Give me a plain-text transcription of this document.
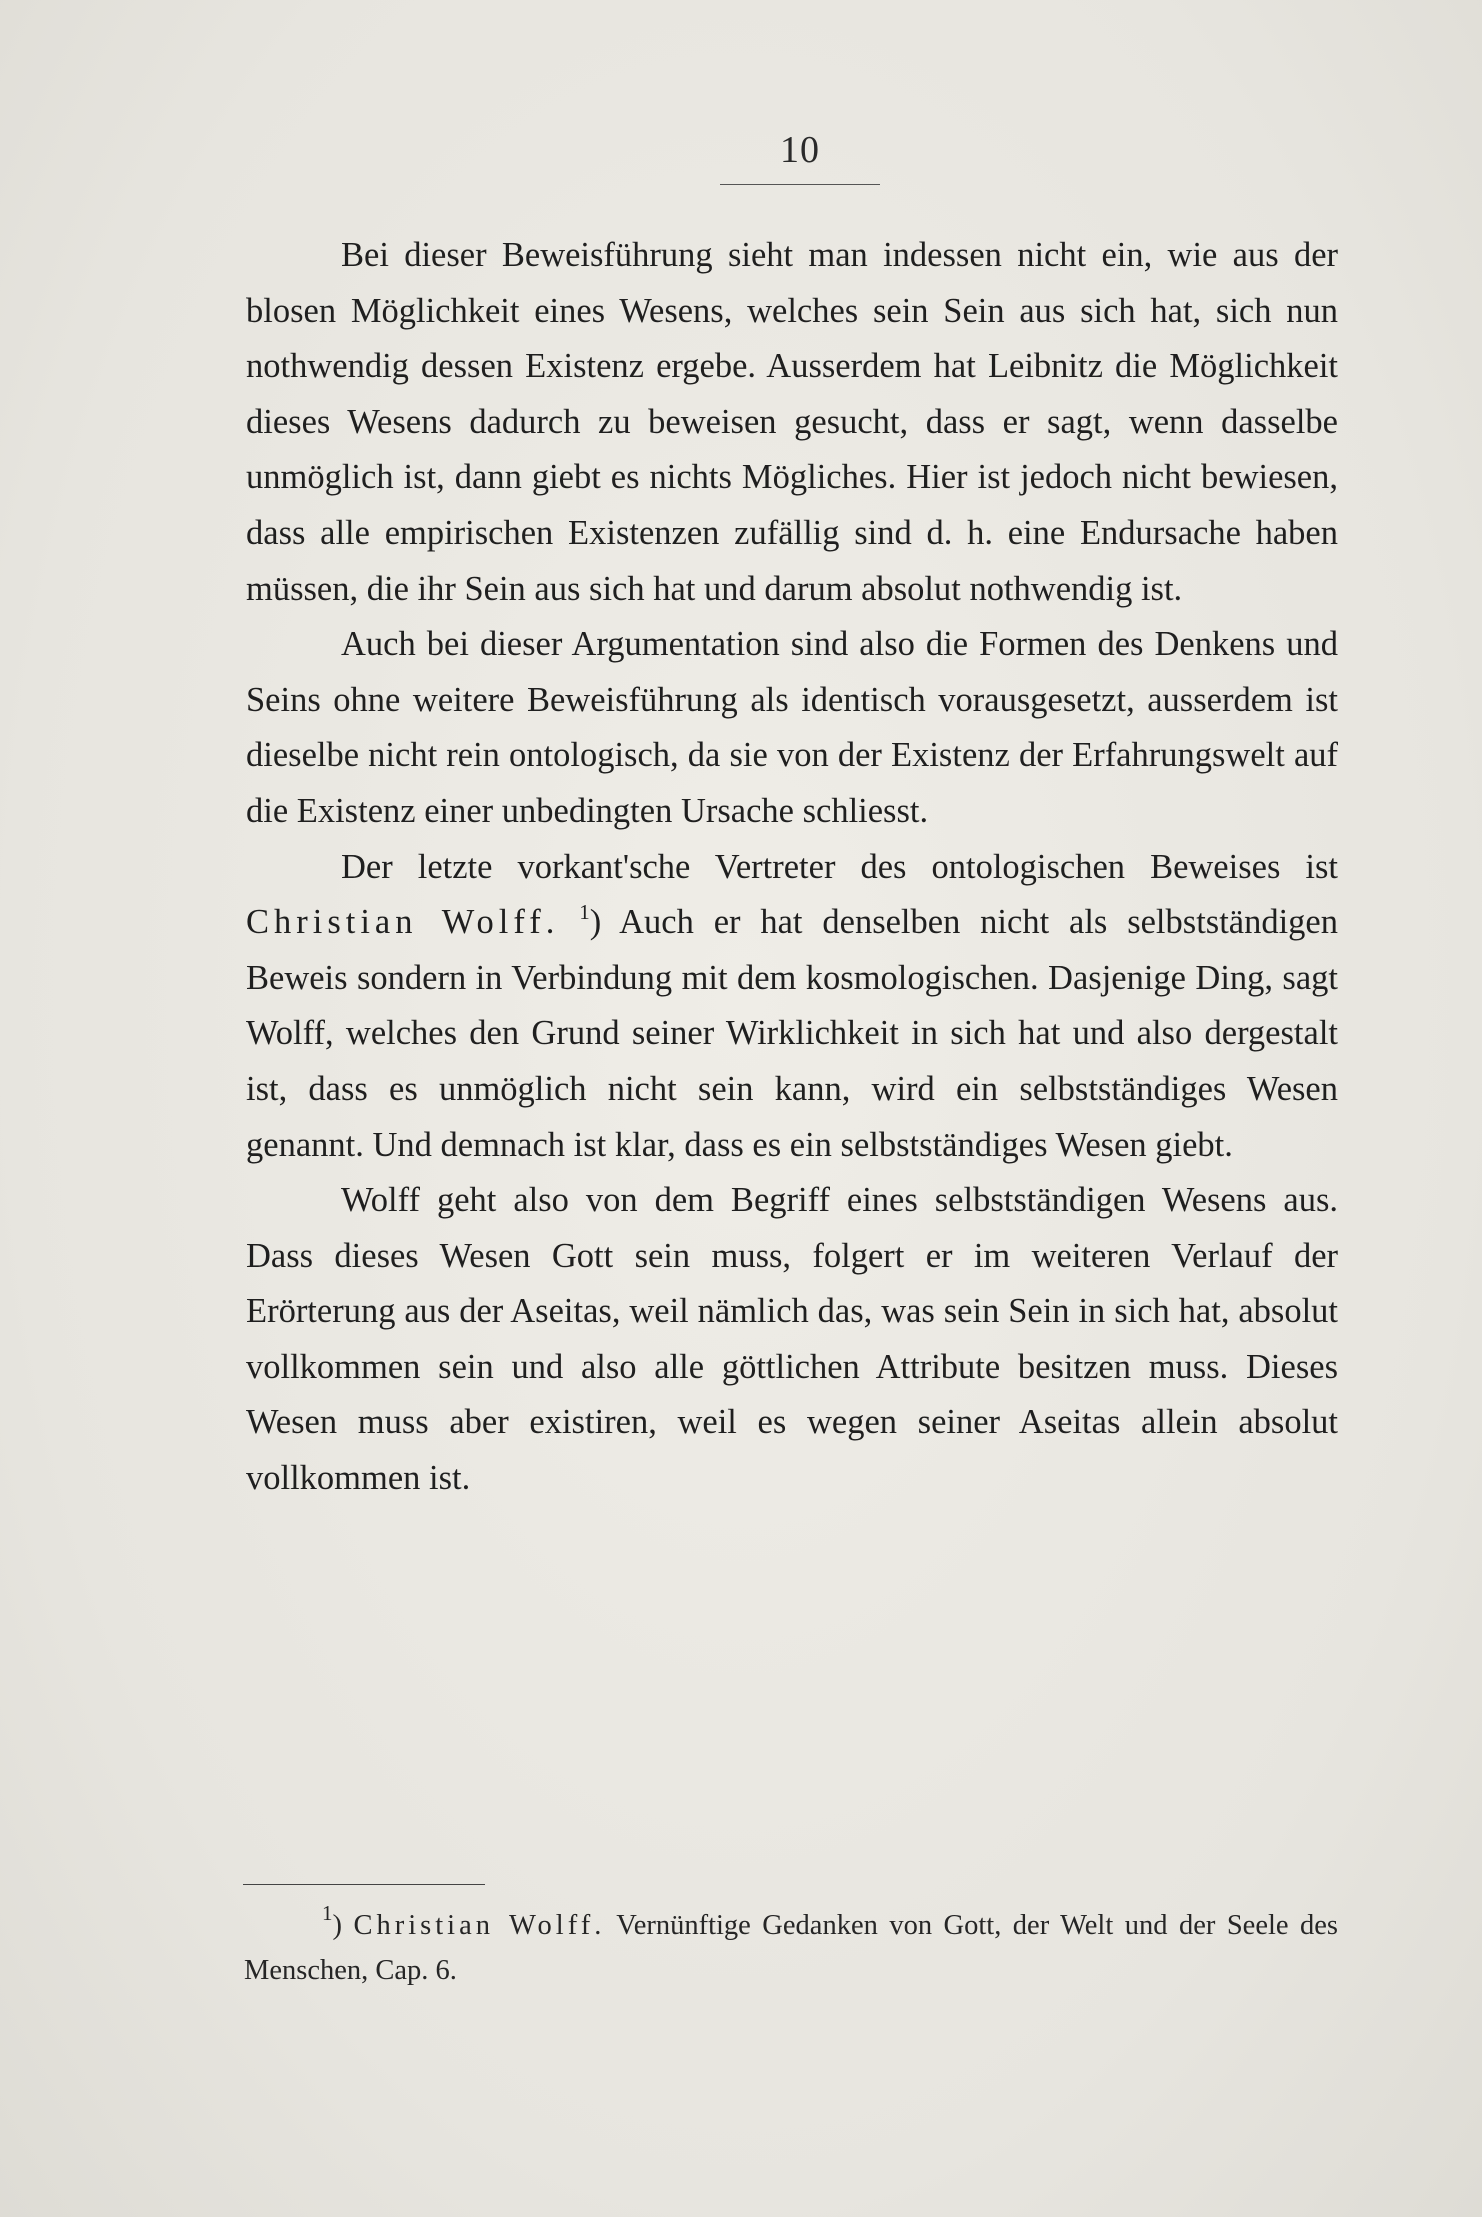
10

Bei dieser Beweisführung sieht man indessen nicht ein, wie aus der blosen Möglichkeit eines Wesens, welches sein Sein aus sich hat, sich nun nothwendig dessen Existenz ergebe. Ausserdem hat Leibnitz die Möglichkeit dieses Wesens dadurch zu beweisen gesucht, dass er sagt, wenn dasselbe unmöglich ist, dann giebt es nichts Mögliches. Hier ist jedoch nicht bewiesen, dass alle empirischen Existenzen zufällig sind d. h. eine Endursache haben müssen, die ihr Sein aus sich hat und darum absolut nothwendig ist.

Auch bei dieser Argumentation sind also die Formen des Denkens und Seins ohne weitere Beweisführung als identisch vorausgesetzt, ausserdem ist dieselbe nicht rein ontologisch, da sie von der Existenz der Erfahrungswelt auf die Existenz einer unbedingten Ursache schliesst.

Der letzte vorkant'sche Vertreter des ontologischen Beweises ist Christian Wolff. $^1$) Auch er hat denselben nicht als selbstständigen Beweis sondern in Verbindung mit dem kosmologischen. Dasjenige Ding, sagt Wolff, welches den Grund seiner Wirklichkeit in sich hat und also dergestalt ist, dass es unmöglich nicht sein kann, wird ein selbstständiges Wesen genannt. Und demnach ist klar, dass es ein selbstständiges Wesen giebt.

Wolff geht also von dem Begriff eines selbstständigen Wesens aus. Dass dieses Wesen Gott sein muss, folgert er im weiteren Verlauf der Erörterung aus der Aseitas, weil nämlich das, was sein Sein in sich hat, absolut vollkommen sein und also alle göttlichen Attribute besitzen muss. Dieses Wesen muss aber existiren, weil es wegen seiner Aseitas allein absolut vollkommen ist.

$^1$) Christian Wolff. Vernünftige Gedanken von Gott, der Welt und der Seele des Menschen, Cap. 6.
